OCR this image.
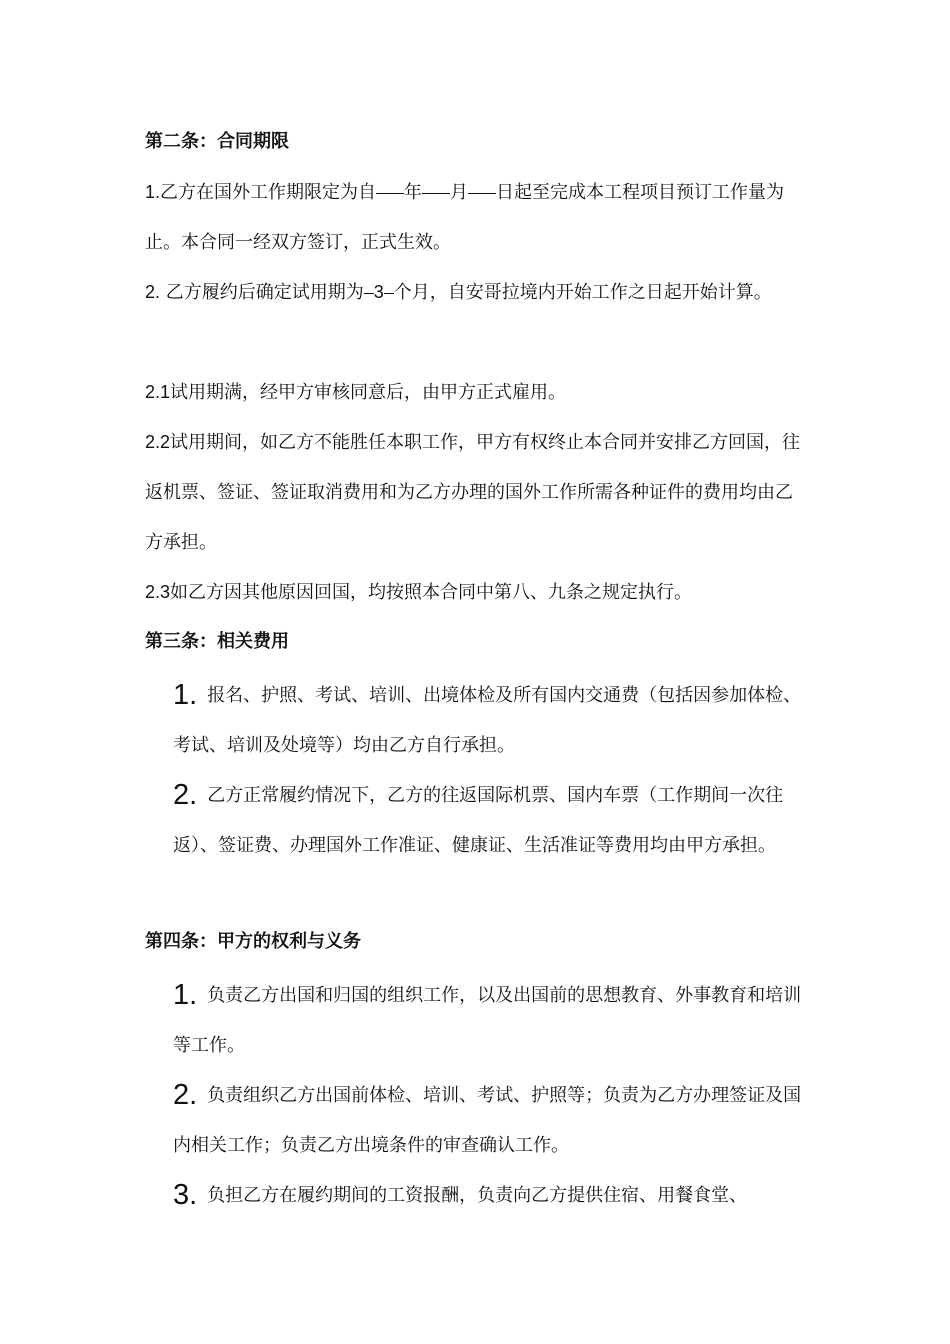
第二条：合同期限
1.乙方在国外工作期限定为自 年 月 日起至完成本工程项目预订工作量为止。本合同一经双方签订，正式生效。
2. 乙方履约后确定试用期为 3 个月，自安哥拉境内开始工作之日起开始计算。
2.1试用期满，经甲方审核同意后，由甲方正式雇用。
2.2试用期间，如乙方不能胜任本职工作，甲方有权终止本合同并安排乙方回国，往返机票、签证、签证取消费用和为乙方办理的国外工作所需各种证件的费用均由乙方承担。
2.3如乙方因其他原因回国，均按照本合同中第八、九条之规定执行。
第三条：相关费用
1. 报名、护照、考试、培训、出境体检及所有国内交通费（包括因参加体检、考试、培训及处境等）均由乙方自行承担。
2. 乙方正常履约情况下，乙方的往返国际机票、国内车票（工作期间一次往返）、签证费、办理国外工作准证、健康证、生活准证等费用均由甲方承担。
第四条：甲方的权利与义务
1. 负责乙方出国和归国的组织工作，以及出国前的思想教育、外事教育和培训等工作。
2. 负责组织乙方出国前体检、培训、考试、护照等；负责为乙方办理签证及国内相关工作；负责乙方出境条件的审查确认工作。
3. 负担乙方在履约期间的工资报酬，负责向乙方提供住宿、用餐食堂、
